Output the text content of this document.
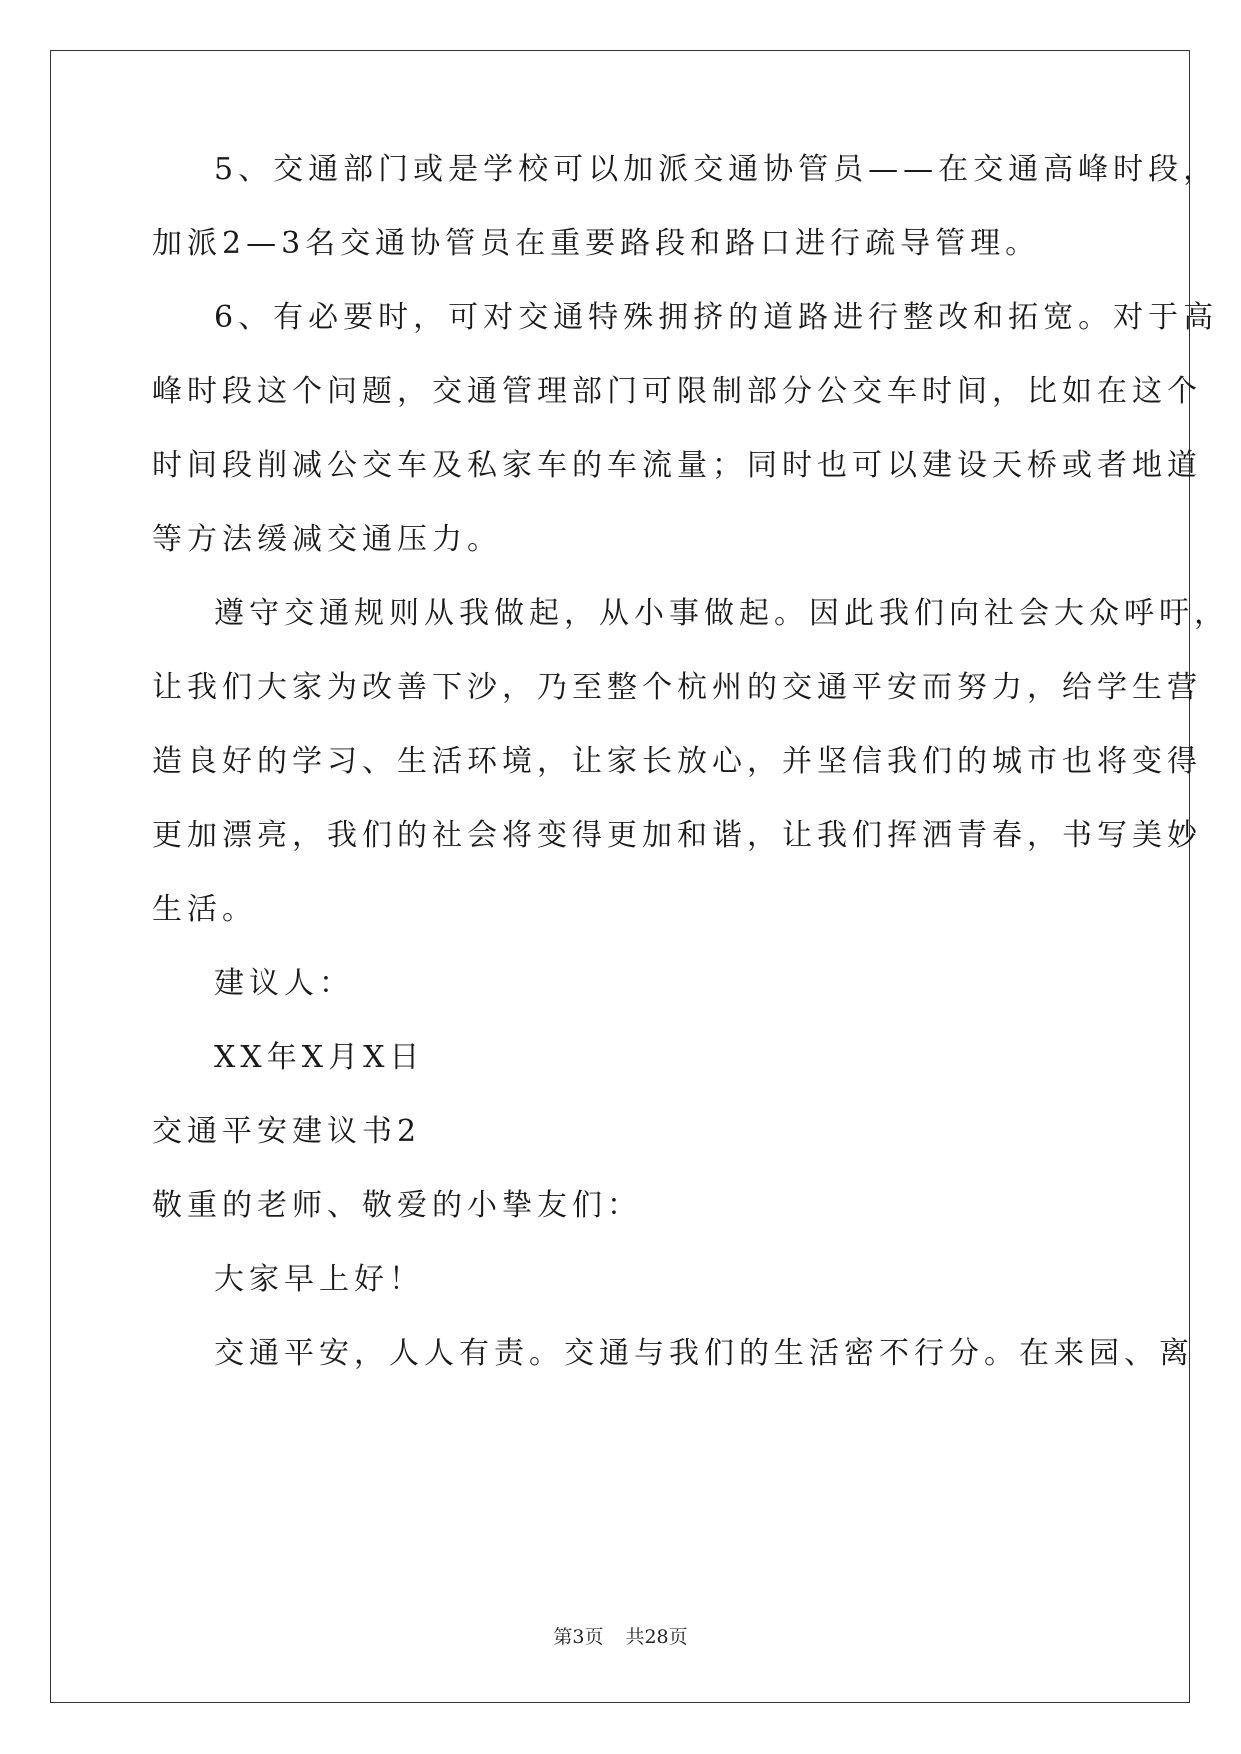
5、交通部门或是学校可以加派交通协管员——在交通高峰时段，
加派2—3名交通协管员在重要路段和路口进行疏导管理。
6、有必要时，可对交通特殊拥挤的道路进行整改和拓宽。对于高
峰时段这个问题，交通管理部门可限制部分公交车时间，比如在这个
时间段削减公交车及私家车的车流量；同时也可以建设天桥或者地道
等方法缓减交通压力。
遵守交通规则从我做起，从小事做起。因此我们向社会大众呼吁，
让我们大家为改善下沙，乃至整个杭州的交通平安而努力，给学生营
造良好的学习、生活环境，让家长放心，并坚信我们的城市也将变得
更加漂亮，我们的社会将变得更加和谐，让我们挥洒青春，书写美妙
生活。
建议人：
XX年X月X日
交通平安建议书2
敬重的老师、敬爱的小挚友们：
大家早上好！
交通平安，人人有责。交通与我们的生活密不行分。在来园、离
第3页 共28页
